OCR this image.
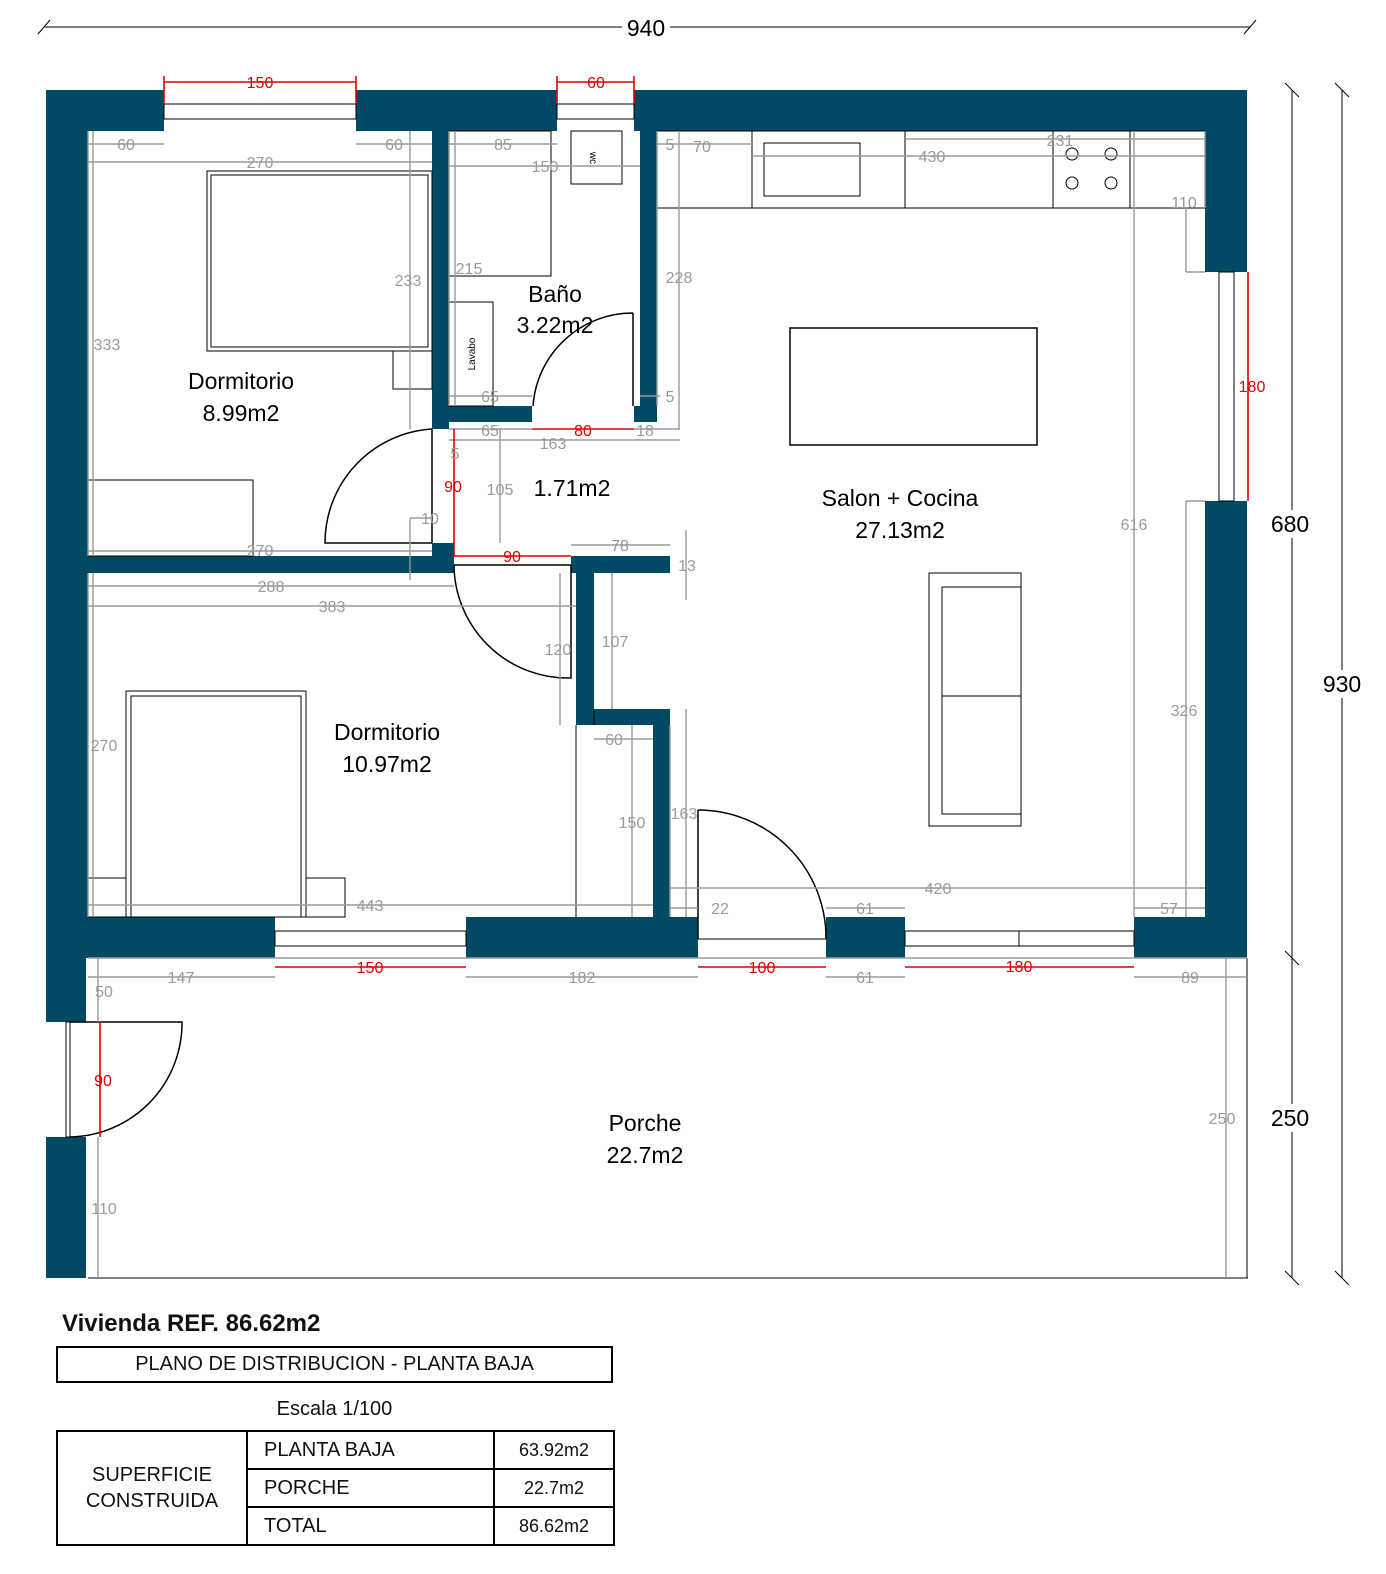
940
680
930
250
wc
Lavabo
Dormitorio
8.99m2
Baño
3.22m2
1.71m2	Salon + Cocina
27.13m2
Dormitorio
10.97m2
Porche
22.7m2
150	60
180
90
80
90
150	100	180
90
60
270
60
333
233
85
150
215
65
65
5
163
18
5
105
10
5 70
228
231
430
110
616
270	78
13
288
383
120 107
60
270
150
163
326
443	22
420
61	57
147	182	61	89
50
110
250
Vivienda REF. 86.62m2
PLANO DE DISTRIBUCION - PLANTA BAJA
Escala 1/100
SUPERFICIE
CONSTRUIDA	PLANTA BAJA	63.92m2
	PORCHE	22.7m2
	TOTAL	86.62m2
